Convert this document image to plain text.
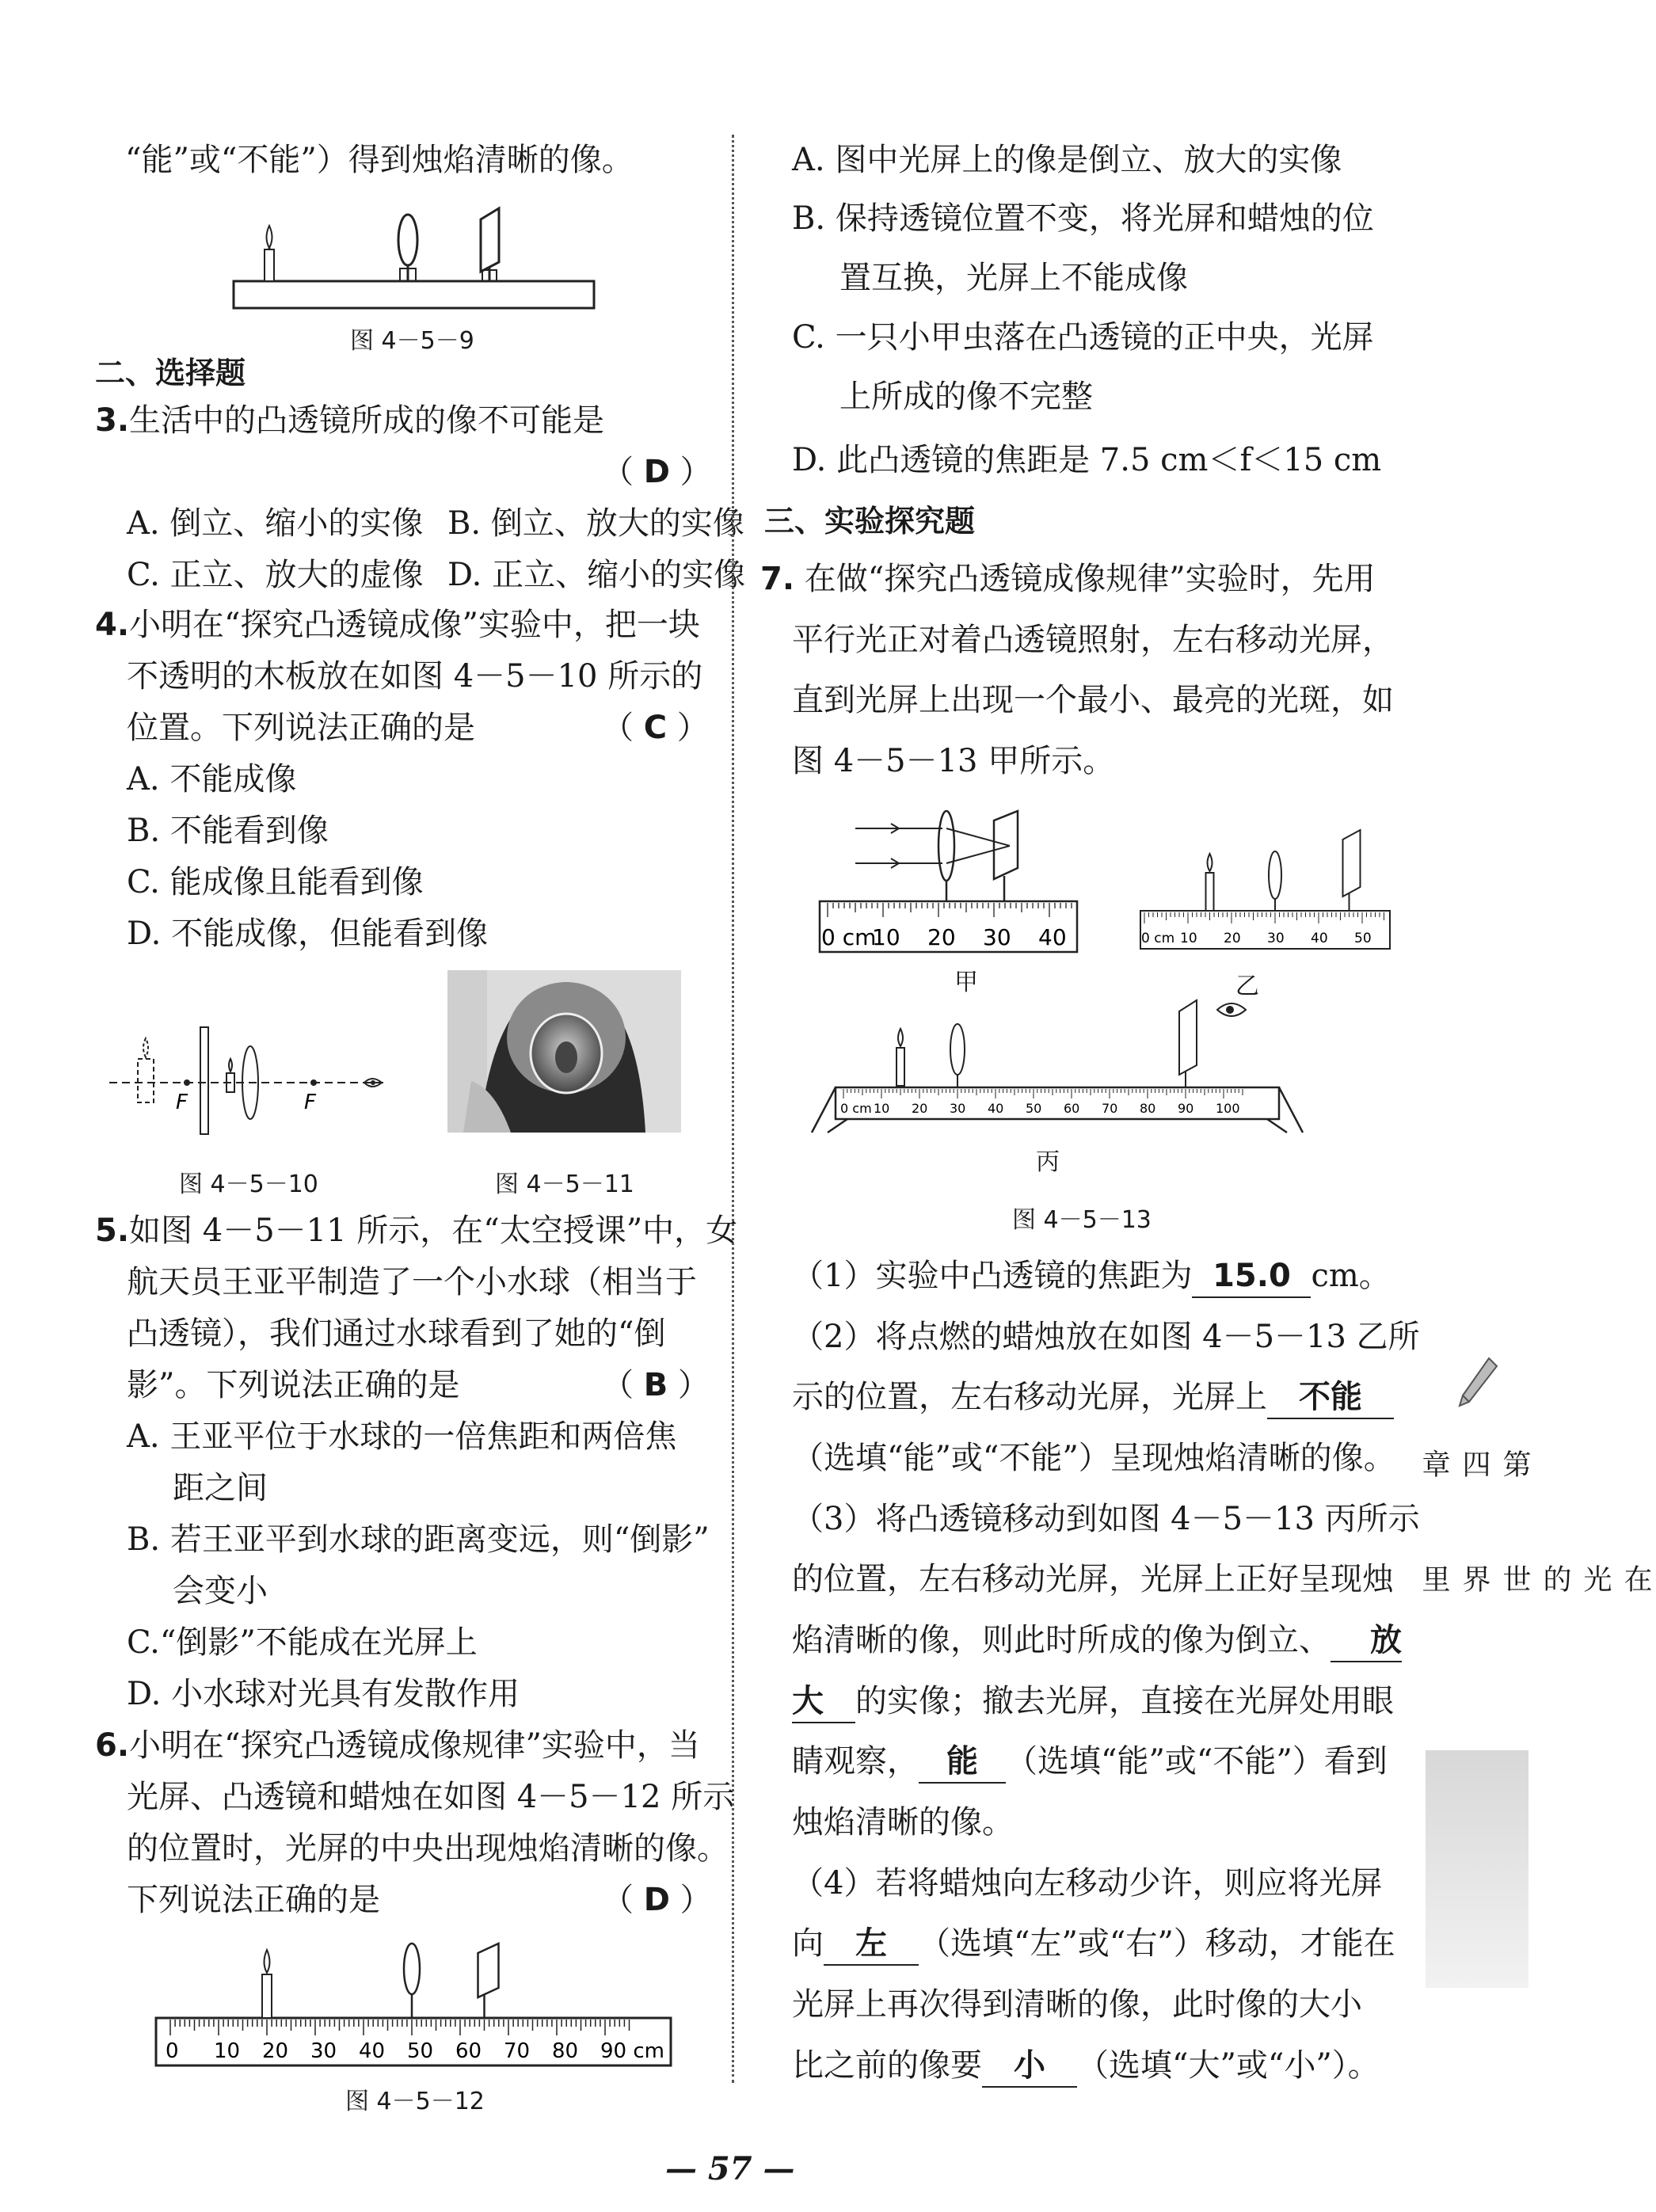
“能”或“不能”）得到烛焰清晰的像。
图 4－5－9
二、选择题
3.生活中的凸透镜所成的像不可能是
（ D ）
A. 倒立、缩小的实像 B. 倒立、放大的实像
C. 正立、放大的虚像 D. 正立、缩小的实像
4.小明在“探究凸透镜成像”实验中，把一块
不透明的木板放在如图 4－5－10 所示的
位置。下列说法正确的是	（ C ）
A. 不能成像
B. 不能看到像
C. 能成像且能看到像
D. 不能成像，但能看到像
F	F
图 4－5－10	图 4－5－11
5.如图 4－5－11 所示，在“太空授课”中，女
航天员王亚平制造了一个小水球（相当于
凸透镜），我们通过水球看到了她的“倒
影”。下列说法正确的是	（ B ）
A. 王亚平位于水球的一倍焦距和两倍焦
距之间
B. 若王亚平到水球的距离变远，则“倒影”
会变小
C.“倒影”不能成在光屏上
D. 小水球对光具有发散作用
6.小明在“探究凸透镜成像规律”实验中，当
光屏、凸透镜和蜡烛在如图 4－5－12 所示
的位置时，光屏的中央出现烛焰清晰的像。
下列说法正确的是	（ D ）
0 10 20 30 40 50 60 70 80 90 cm
图 4－5－12
A. 图中光屏上的像是倒立、放大的实像
B. 保持透镜位置不变，将光屏和蜡烛的位
置互换，光屏上不能成像
C. 一只小甲虫落在凸透镜的正中央，光屏
上所成的像不完整
D. 此凸透镜的焦距是 7.5 cm＜f＜15 cm
三、实验探究题
7. 在做“探究凸透镜成像规律”实验时，先用
平行光正对着凸透镜照射，左右移动光屏，
直到光屏上出现一个最小、最亮的光斑，如
图 4－5－13 甲所示。
0 cm
10 20 30 40	0 cm 10 20 30 40 50
甲	乙
0 cm 10 20 30 40 50 60 70 80 90 100
丙
图 4－5－13
（1）实验中凸透镜的焦距为 15.0 cm。
（2）将点燃的蜡烛放在如图 4－5－13 乙所
示的位置，左右移动光屏，光屏上 不能
（选填“能”或“不能”）呈现烛焰清晰的像。
（3）将凸透镜移动到如图 4－5－13 丙所示
的位置，左右移动光屏，光屏上正好呈现烛
焰清晰的像，则此时所成的像为倒立、 放
大 的实像；撤去光屏，直接在光屏处用眼
睛观察， 能 （选填“能”或“不能”）看到
烛焰清晰的像。
（4）若将蜡烛向左移动少许，则应将光屏
向 左 （选填“左”或“右”）移动，才能在
光屏上再次得到清晰的像，此时像的大小
比之前的像要 小 （选填“大”或“小”）。
第四章
在光的世界里
— 57 —
